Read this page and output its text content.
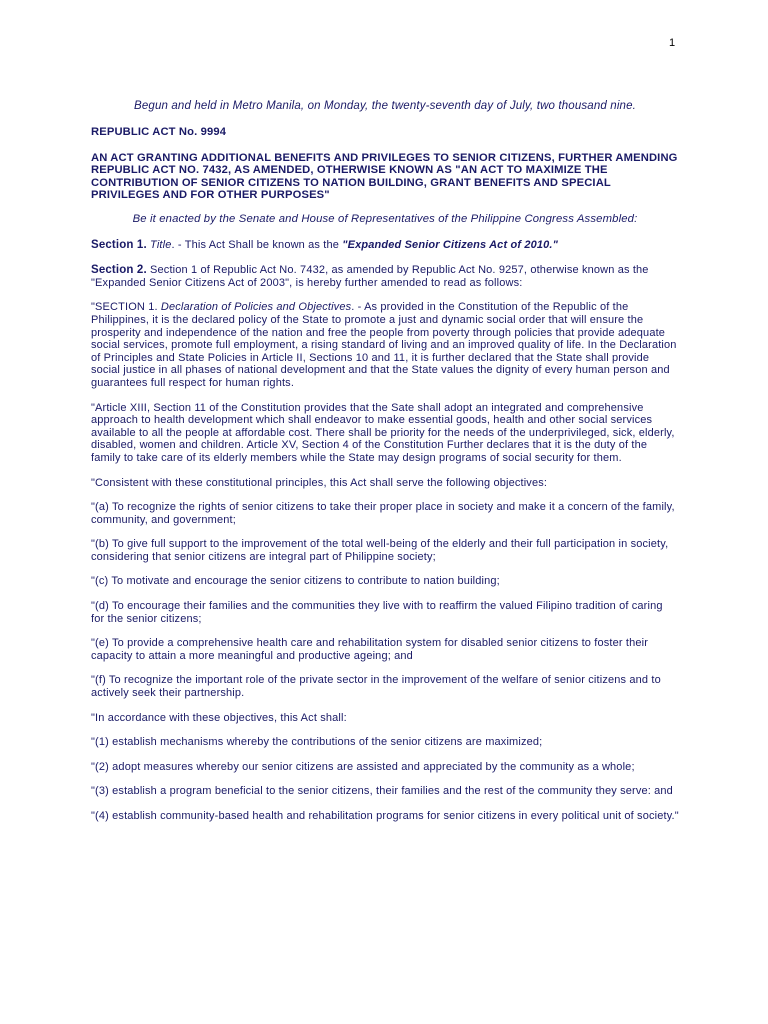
1

Begun and held in Metro Manila, on Monday, the twenty-seventh day of July, two thousand nine.

REPUBLIC ACT No. 9994

AN ACT GRANTING ADDITIONAL BENEFITS AND PRIVILEGES TO SENIOR CITIZENS, FURTHER AMENDING REPUBLIC ACT NO. 7432, AS AMENDED, OTHERWISE KNOWN AS "AN ACT TO MAXIMIZE THE CONTRIBUTION OF SENIOR CITIZENS TO NATION BUILDING, GRANT BENEFITS AND SPECIAL PRIVILEGES AND FOR OTHER PURPOSES"

Be it enacted by the Senate and House of Representatives of the Philippine Congress Assembled:

Section 1. Title. - This Act Shall be known as the "Expanded Senior Citizens Act of 2010."

Section 2. Section 1 of Republic Act No. 7432, as amended by Republic Act No. 9257, otherwise known as the "Expanded Senior Citizens Act of 2003", is hereby further amended to read as follows:

"SECTION 1. Declaration of Policies and Objectives. - As provided in the Constitution of the Republic of the Philippines, it is the declared policy of the State to promote a just and dynamic social order that will ensure the prosperity and independence of the nation and free the people from poverty through policies that provide adequate social services, promote full employment, a rising standard of living and an improved quality of life. In the Declaration of Principles and State Policies in Article II, Sections 10 and 11, it is further declared that the State shall provide social justice in all phases of national development and that the State values the dignity of every human person and guarantees full respect for human rights.

"Article XIII, Section 11 of the Constitution provides that the Sate shall adopt an integrated and comprehensive approach to health development which shall endeavor to make essential goods, health and other social services available to all the people at affordable cost. There shall be priority for the needs of the underprivileged, sick, elderly, disabled, women and children. Article XV, Section 4 of the Constitution Further declares that it is the duty of the family to take care of its elderly members while the State may design programs of social security for them.

"Consistent with these constitutional principles, this Act shall serve the following objectives:

"(a) To recognize the rights of senior citizens to take their proper place in society and make it a concern of the family, community, and government;

"(b) To give full support to the improvement of the total well-being of the elderly and their full participation in society, considering that senior citizens are integral part of Philippine society;

"(c) To motivate and encourage the senior citizens to contribute to nation building;

"(d) To encourage their families and the communities they live with to reaffirm the valued Filipino tradition of caring for the senior citizens;

"(e) To provide a comprehensive health care and rehabilitation system for disabled senior citizens to foster their capacity to attain a more meaningful and productive ageing; and

"(f) To recognize the important role of the private sector in the improvement of the welfare of senior citizens and to actively seek their partnership.

"In accordance with these objectives, this Act shall:

"(1) establish mechanisms whereby the contributions of the senior citizens are maximized;

"(2) adopt measures whereby our senior citizens are assisted and appreciated by the community as a whole;

"(3) establish a program beneficial to the senior citizens, their families and the rest of the community they serve: and

"(4) establish community-based health and rehabilitation programs for senior citizens in every political unit of society."
